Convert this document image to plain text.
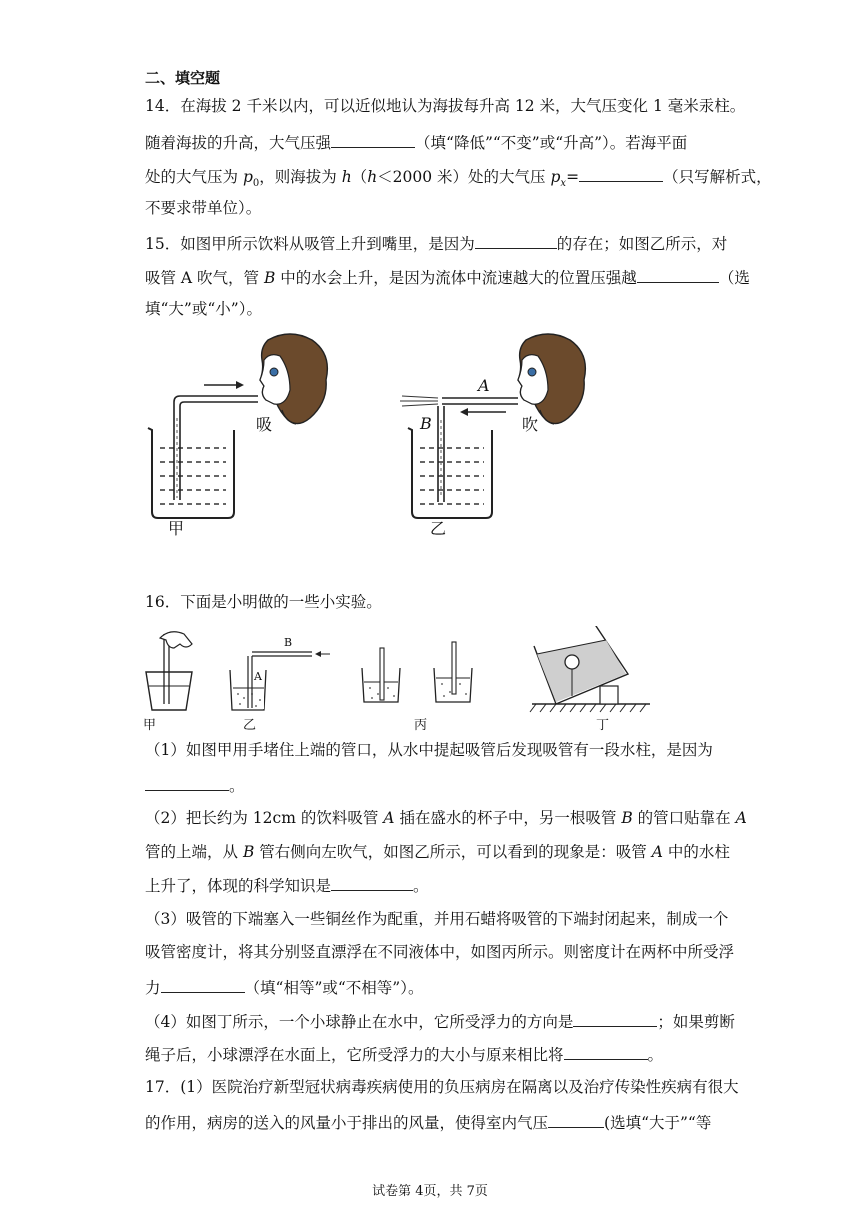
二、填空题
14．在海拔 2 千米以内，可以近似地认为海拔每升高 12 米，大气压变化 1 毫米汞柱。
随着海拔的升高，大气压强	（填“降低”“不变”或“升高”）。若海平面
处的大气压为 $p_0$，则海拔为 h（h＜2000 米）处的大气压 $p_x=$	（只写解析式，
不要求带单位）。
15．如图甲所示饮料从吸管上升到嘴里，是因为	的存在；如图乙所示，对
吸管 A 吹气，管 B 中的水会上升，是因为流体中流速越大的位置压强越	（选
填“大”或“小”）。
吸
甲
A
B	吹
乙
16．下面是小明做的一些小实验。
甲	乙	丙	丁
A
B
（1）如图甲用手堵住上端的管口，从水中提起吸管后发现吸管有一段水柱，是因为
。
（2）把长约为 12cm 的饮料吸管 A 插在盛水的杯子中，另一根吸管 B 的管口贴靠在 A
管的上端，从 B 管右侧向左吹气，如图乙所示，可以看到的现象是：吸管 A 中的水柱
上升了，体现的科学知识是	。
（3）吸管的下端塞入一些铜丝作为配重，并用石蜡将吸管的下端封闭起来，制成一个
吸管密度计，将其分别竖直漂浮在不同液体中，如图丙所示。则密度计在两杯中所受浮
力	（填“相等”或“不相等”）。
（4）如图丁所示，一个小球静止在水中，它所受浮力的方向是	；如果剪断
绳子后，小球漂浮在水面上，它所受浮力的大小与原来相比将	。
17．(1）医院治疗新型冠状病毒疾病使用的负压病房在隔离以及治疗传染性疾病有很大
的作用，病房的送入的风量小于排出的风量，使得室内气压	(选填“大于”“等
试卷第 4页，共 7页
